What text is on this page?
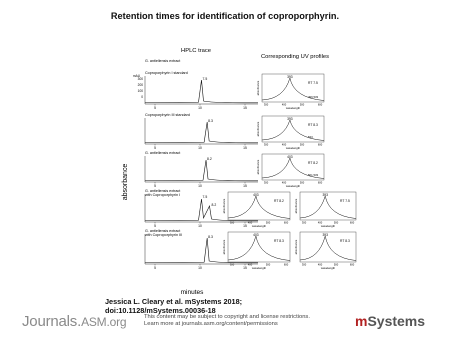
Retention times for identification of coproporphyrin.
HPLC trace
Corresponding UV profiles
absorbance
minutes
G. antiellensis extract
Coproporphyrin I standard
300
200
100
0
mAU
5	10	15
7.5	393
RT 7.5
499 533
absorbance
300	400	500	600
wavelength
Coproporphyrin III standard
5	10	15
8.3	393
RT 8.3
533
absorbance
300	400	500	600
wavelength
G. antiellensis extract
5	10	15
8.2	403
RT 8.2
501 533
absorbance
300	400	500	600
wavelength
G. antiellensis extract
with Coproporphyrin I
5	10	15
8.2
7.5	403
RT 8.2
absorbance
300	400	500	600
wavelength
393
RT 7.5
absorbance
300	400	500	600
wavelength
G. antiellensis extract
with Coproporphyrin III
5	10	15
8.3	403
RT 8.3
absorbance
300	400	500	600
wavelength
393
RT 8.3
absorbance
300	400	500	600
wavelength
Jessica L. Cleary et al. mSystems 2018;
doi:10.1128/mSystems.00036-18
Journals.ASM.org	This content may be subject to copyright and license restrictions.
Learn more at journals.asm.org/content/permissions	mSystems
